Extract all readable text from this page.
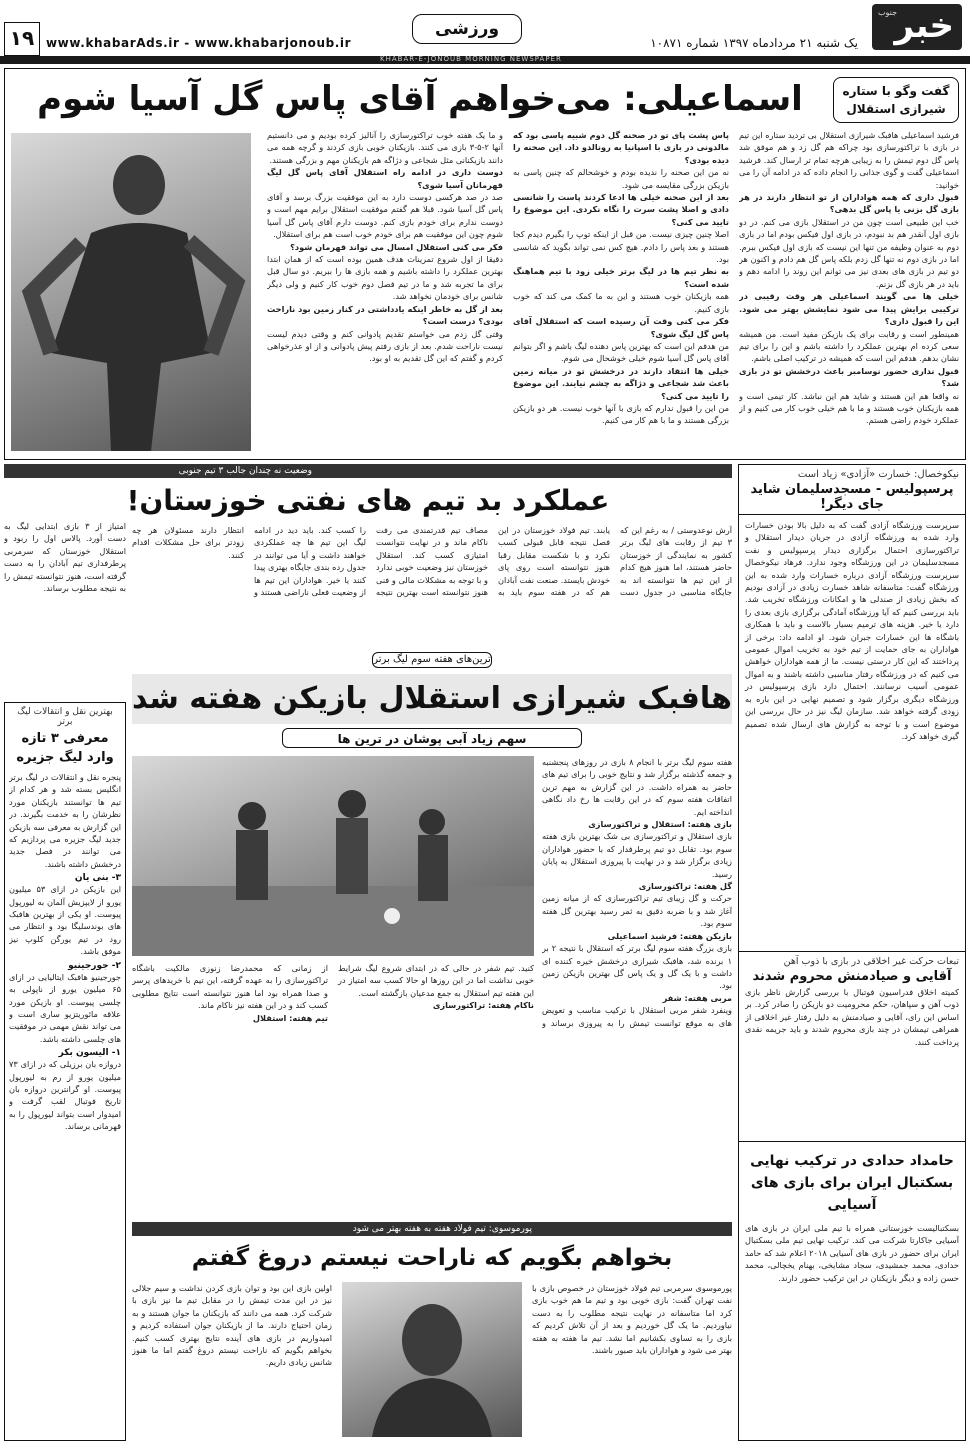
خبر
جنوب
یک شنبه ۲۱ مردادماه ۱۳۹۷ شماره ۱۰۸۷۱
ورزشی
www.khabarAds.ir - www.khabarjonoub.ir
۱۹
KHABAR-E-JONOUB MORNING NEWSPAPER
گفت وگو با ستاره شیرازی استقلال
اسماعیلی: می‌خواهم آقای پاس گل آسیا شوم

فرشید اسماعیلی هافبک شیرازی استقلال بی تردید ستاره این تیم در بازی با تراکتورسازی بود چراکه هم گل زد و هم موفق شد پاس گل دوم تیمش را به زیبایی هرچه تمام تر ارسال کند. فرشید اسماعیلی گفت و گوی جذابی را انجام داده که در ادامه آن را می خوانید:

قبول داری که همه هواداران از تو انتظار دارند در هر بازی گل بزنی یا پاس گل بدهی؟

خب این طبیعی است چون من در استقلال بازی می کنم. در دو بازی اول آنقدر هم بد نبودم، در بازی اول فیکس بودم اما در بازی دوم به عنوان وظیفه من تنها این نیست که بازی اول فیکس ببرم. اما در بازی دوم نه تنها گل زدم بلکه پاس گل هم دادم و اکنون هر دو تیم در بازی های بعدی نیز می توانم این روند را ادامه دهم و باید در هر بازی گل بزنم.

خیلی ها می گویند اسماعیلی هر وقت رقیبی در ترکیبی برایش پیدا می شود نمایشش بهتر می شود. این را قبول داری؟

همینطور است و رقابت برای یک بازیکن مفید است. من همیشه سعی کرده ام بهترین عملکرد را داشته باشم و این را برای تیم نشان بدهم. هدفم این است که همیشه در ترکیب اصلی باشم.

قبول نداری حضور نوسامبر باعث درخشش تو در بازی شد؟

نه واقعا هم این هستند و شاید هم این نباشد. کار تیمی است و همه بازیکنان خوب هستند و ما با هم خیلی خوب کار می کنیم و از عملکرد خودم راضی هستم.

پاس پشت پای تو در صحنه گل دوم شبیه پاسی بود که مالدونی در بازی با اسپانیا به رونالدو داد. این صحنه را دیده بودی؟

نه من این صحنه را ندیده بودم و خوشحالم که چنین پاسی به بازیکن بزرگی مقایسه می شود.

بعد از این صحنه خیلی ها ادعا کردند پاست را شانسی دادی و اصلا پشت سرت را نگاه نکردی. این موضوع را تایید می کنی؟

اصلا چنین چیزی نیست. من قبل از اینکه توپ را بگیرم دیدم کجا هستند و بعد پاس را دادم. هیچ کس نمی تواند بگوید که شانسی بود.

به نظر تیم ها در لیگ برتر خیلی زود با تیم هماهنگ شده است؟

همه بازیکنان خوب هستند و این به ما کمک می کند که خوب بازی کنیم.

فکر می کنی وقت آن رسیده است که استقلال آقای پاس گل لیگ شوی؟

من هدفم این است که بهترین پاس دهنده لیگ باشم و اگر بتوانم آقای پاس گل آسیا شوم خیلی خوشحال می شوم.

خیلی ها انتقاد دارند در درخشش تو در میانه زمین باعث شد شجاعی و دژاگه به چشم نیایند. این موضوع را تایید می کنی؟

من این را قبول ندارم که بازی با آنها خوب نیست. هر دو بازیکن بزرگی هستند و ما با هم کار می کنیم.

و ما یک هفته خوب تراکتورسازی را آنالیز کرده بودیم و می دانستیم آنها ۲-۵-۳ بازی می کنند. بازیکنان خوبی بازی کردند و گرچه همه می دانند بازیکنانی مثل شجاعی و دژاگه هم بازیکنان مهم و بزرگی هستند.

دوست داری در ادامه راه استقلال آقای پاس گل لیگ قهرمانان آسیا شوی؟

صد در صد هرکسی دوست دارد به این موفقیت بزرگ برسد و آقای پاس گل آسیا شود. قبلا هم گفتم موفقیت استقلال برایم مهم است و دوست ندارم برای خودم بازی کنم. دوست دارم آقای پاس گل آسیا شوم چون این موفقیت هم برای خودم خوب است هم برای استقلال.

فکر می کنی استقلال امسال می تواند قهرمان شود؟

دقیقا از اول شروع تمرینات هدف همین بوده است که از همان ابتدا بهترین عملکرد را داشته باشیم و همه بازی ها را ببریم. دو سال قبل برای ما تجربه شد و ما در تیم فصل دوم خوب کار کنیم و ولی دیگر شانس برای خودمان نخواهد شد.

بعد از گل به خاطر اینکه یادداشتی در کنار زمین بود ناراحت بودی؟ درست است؟

وقتی گل زدم می خواستم تقدیم پادوانی کنم و وقتی دیدم لیست نیست ناراحت شدم. بعد از بازی رفتم پیش پادوانی و از او عذرخواهی کردم و گفتم که این گل تقدیم به او بود.

نیکوخصال: خسارت «آزادی» زیاد است
پرسپولیس - مسجدسلیمان شاید جای دیگر!
سرپرست ورزشگاه آزادی گفت که به دلیل بالا بودن خسارات وارد شده به ورزشگاه آزادی در جریان دیدار استقلال و تراکتورسازی احتمال برگزاری دیدار پرسپولیس و نفت مسجدسلیمان در این ورزشگاه وجود ندارد. فرهاد نیکوخصال سرپرست ورزشگاه آزادی درباره خسارات وارد شده به این ورزشگاه گفت: متاسفانه شاهد خسارت زیادی در آزادی بودیم که بخش زیادی از صندلی ها و امکانات ورزشگاه تخریب شد. باید بررسی کنیم که آیا ورزشگاه آمادگی برگزاری بازی بعدی را دارد یا خیر. هزینه های ترمیم بسیار بالاست و باید با همکاری باشگاه ها این خسارات جبران شود. او ادامه داد: برخی از هواداران به جای حمایت از تیم خود به تخریب اموال عمومی پرداختند که این کار درستی نیست. ما از همه هواداران خواهش می کنیم که در ورزشگاه رفتار مناسبی داشته باشند و به اموال عمومی آسیب نرسانند. احتمال دارد بازی پرسپولیس در ورزشگاه دیگری برگزار شود و تصمیم نهایی در این باره به زودی گرفته خواهد شد. سازمان لیگ نیز در حال بررسی این موضوع است و با توجه به گزارش های ارسال شده تصمیم گیری خواهد کرد.
تبعات حرکت غیر اخلاقی در بازی با ذوب آهن
آقایی و صیادمنش محروم شدند
کمیته اخلاق فدراسیون فوتبال با بررسی گزارش ناظر بازی ذوب آهن و سپاهان، حکم محرومیت دو بازیکن را صادر کرد. بر اساس این رای، آقایی و صیادمنش به دلیل رفتار غیر اخلاقی از همراهی تیمشان در چند بازی محروم شدند و باید جریمه نقدی پرداخت کنند.
حامداد حدادی در ترکیب نهایی بسکتبال ایران برای بازی های آسیایی
بسکتبالیست خوزستانی همراه با تیم ملی ایران در بازی های آسیایی جاکارتا شرکت می کند. ترکیب نهایی تیم ملی بسکتبال ایران برای حضور در بازی های آسیایی ۲۰۱۸ اعلام شد که حامد حدادی، محمد جمشیدی، سجاد مشایخی، بهنام یخچالی، محمد حسن زاده و دیگر بازیکنان در این ترکیب حضور دارند.
وضعیت نه چندان جالب ۳ تیم جنوبی
عملکرد بد تیم های نفتی خوزستان!
آرش نوعدوستی / به رغم این که ۳ تیم از رقابت های لیگ برتر کشور به نمایندگی از خوزستان حاضر هستند، اما هنوز هیچ کدام از این تیم ها نتوانسته اند به جایگاه مناسبی در جدول دست یابند. تیم فولاد خوزستان در این فصل نتیجه قابل قبولی کسب نکرد و با شکست مقابل رقبا هنوز نتوانسته است روی پای خودش بایستد. صنعت نفت آبادان هم که در هفته سوم باید به مصاف تیم قدرتمندی می رفت ناکام ماند و در نهایت نتوانست امتیازی کسب کند. استقلال خوزستان نیز وضعیت خوبی ندارد و با توجه به مشکلات مالی و فنی هنوز نتوانسته است بهترین نتیجه را کسب کند. باید دید در ادامه لیگ این تیم ها چه عملکردی خواهند داشت و آیا می توانند در جدول رده بندی جایگاه بهتری پیدا کنند یا خیر. هواداران این تیم ها از وضعیت فعلی ناراضی هستند و انتظار دارند مسئولان هر چه زودتر برای حل مشکلات اقدام کنند.
امتیاز از ۳ بازی ابتدایی لیگ به دست آورد. پالاس اول را ربود و استقلال خوزستان که سرمربی پرطرفداری تیم آبادان را به دست گرفته است، هنوز نتوانسته تیمش را به نتیجه مطلوب برساند.
بهترین نقل و انتقالات لیگ برتر
معرفی ۳ تازه وارد لیگ جزیره
پنجره نقل و انتقالات در لیگ برتر انگلیس بسته شد و هر کدام از تیم ها توانستند بازیکنان مورد نظرشان را به خدمت بگیرند. در این گزارش به معرفی سه بازیکن جدید لیگ جزیره می پردازیم که می توانند در فصل جدید درخشش داشته باشند.
۳- بنی یان
این بازیکن در ازای ۵۳ میلیون یورو از لایپزیش آلمان به لیورپول پیوست. او یکی از بهترین هافبک های بوندسلیگا بود و انتظار می رود در تیم یورگن کلوپ نیز موفق باشد.
۲- جورجینیو
جورجینیو هافبک ایتالیایی در ازای ۶۵ میلیون یورو از ناپولی به چلسی پیوست. او بازیکن مورد علاقه مائوریتزیو ساری است و می تواند نقش مهمی در موفقیت های چلسی داشته باشد.
۱- الیسون بکر
دروازه بان برزیلی که در ازای ۷۳ میلیون یورو از رم به لیورپول پیوست. او گرانترین دروازه بان تاریخ فوتبال لقب گرفت و امیدوار است بتواند لیورپول را به قهرمانی برساند.
ترین‌های هفته سوم لیگ برتر
هافبک شیرازی استقلال بازیکن هفته شد
سهم زیاد آبی پوشان در ترین ها

هفته سوم لیگ برتر با انجام ۸ بازی در روزهای پنجشنبه و جمعه گذشته برگزار شد و نتایج خوبی را برای تیم های حاضر به همراه داشت. در این گزارش به مهم ترین اتفاقات هفته سوم که در این رقابت ها رخ داد نگاهی انداخته ایم.

بازی هفته: استقلال و تراکتورسازی

بازی استقلال و تراکتورسازی بی شک بهترین بازی هفته سوم بود. تقابل دو تیم پرطرفدار که با حضور هواداران زیادی برگزار شد و در نهایت با پیروزی استقلال به پایان رسید.

گل هفته: تراکتورسازی

حرکت و گل زیبای تیم تراکتورسازی که از میانه زمین آغاز شد و با ضربه دقیق به ثمر رسید بهترین گل هفته سوم بود.

بازیکن هفته: فرشید اسماعیلی

بازی بزرگ هفته سوم لیگ برتر که استقلال با نتیجه ۲ بر ۱ برنده شد، هافبک شیرازی درخشش خیره کننده ای داشت و با یک گل و یک پاس گل بهترین بازیکن زمین بود.

مربی هفته: شفر

وینفرد شفر مربی استقلال با ترکیب مناسب و تعویض های به موقع توانست تیمش را به پیروزی برساند و

کنید. تیم شفر در حالی که در ابتدای شروع لیگ شرایط خوبی نداشت اما در این روزها او حالا کسب سه امتیاز در این هفته تیم استقلال به جمع مدعیان بازگشته است.

ناکام هفته: تراکتورسازی

از زمانی که محمدرضا زنوزی مالکیت باشگاه تراکتورسازی را به عهده گرفته، این تیم با خریدهای پرسر و صدا همراه بود اما هنوز نتوانسته است نتایج مطلوبی کسب کند و در این هفته نیز ناکام ماند.

تیم هفته: استقلال

پورموسوی: تیم فولاد هفته به هفته بهتر می شود
بخواهم بگویم که ناراحت نیستم دروغ گفتم
پورموسوی سرمربی تیم فولاد خوزستان در خصوص بازی با نفت تهران گفت: بازی خوبی بود و تیم ما هم خوب بازی کرد اما متاسفانه در نهایت نتیجه مطلوب را به دست نیاوردیم. ما یک گل خوردیم و بعد از آن تلاش کردیم که بازی را به تساوی بکشانیم اما نشد. تیم ما هفته به هفته بهتر می شود و هواداران باید صبور باشند.
اولین بازی این بود و توان بازی کردن نداشت و سیم ‌جلالی نیز در این مدت تیمش را در مقابل تیم ما نیز بازی با شرکت کرد. همه می دانند که بازیکنان ما جوان هستند و به زمان احتیاج دارند. ما از بازیکنان جوان استفاده کردیم و امیدواریم در بازی های آینده نتایج بهتری کسب کنیم. بخواهم بگویم که ناراحت نیستم دروغ گفتم اما ما هنوز شانس زیادی داریم.
